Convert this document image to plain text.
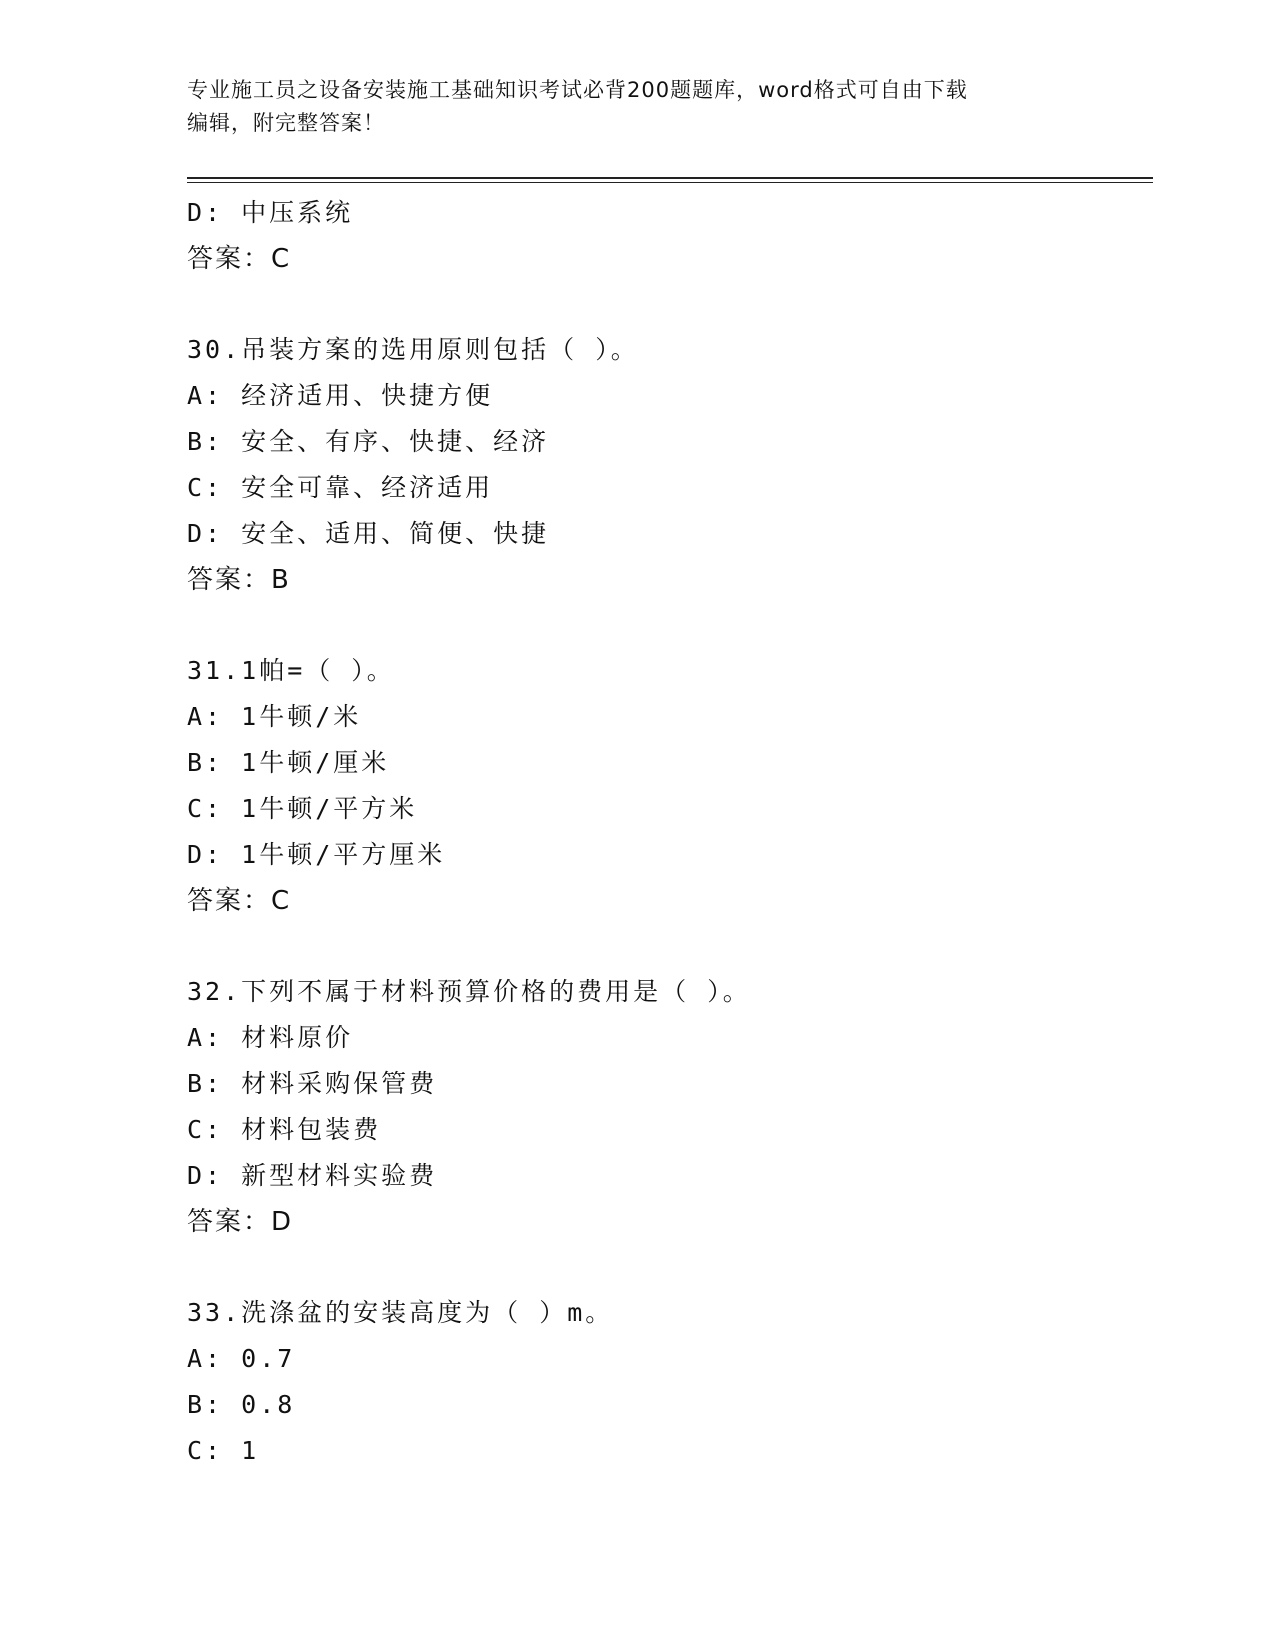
专业施工员之设备安装施工基础知识考试必背200题题库，word格式可自由下载
编辑，附完整答案！
D: 中压系统
答案：C
30.吊装方案的选用原则包括（ ）。
A: 经济适用、快捷方便
B: 安全、有序、快捷、经济
C: 安全可靠、经济适用
D: 安全、适用、简便、快捷
答案：B
31.1帕=（ ）。
A: 1牛顿/米
B: 1牛顿/厘米
C: 1牛顿/平方米
D: 1牛顿/平方厘米
答案：C
32.下列不属于材料预算价格的费用是（ ）。
A: 材料原价
B: 材料采购保管费
C: 材料包装费
D: 新型材料实验费
答案：D
33.洗涤盆的安装高度为（ ）m。
A: 0.7
B: 0.8
C: 1
